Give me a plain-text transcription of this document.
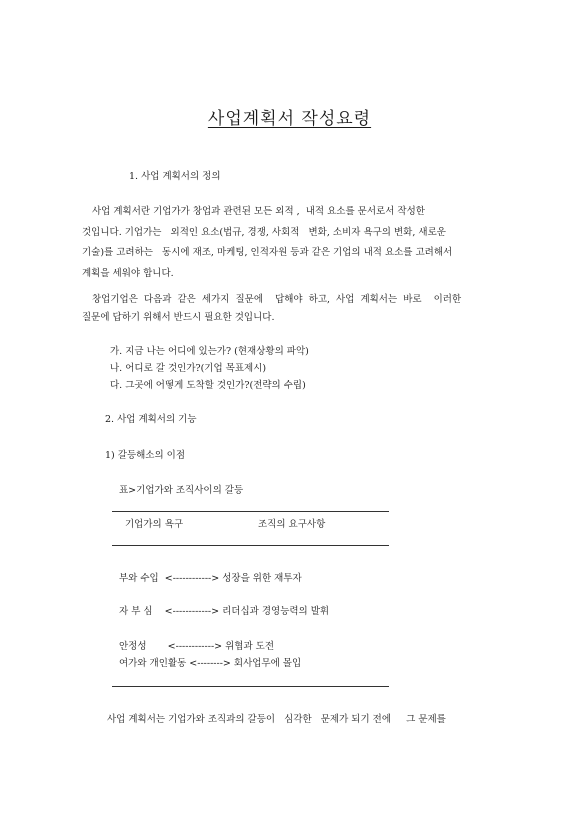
사업계획서 작성요령
1. 사업 계획서의 정의
사업 계획서란 기업가가 창업과 관련된 모든 외적 ,  내적 요소를 문서로서 작성한
것입니다. 기업가는   외적인 요소(법규, 경쟁, 사회적   변화, 소비자 욕구의 변화, 새로운
기술)를 고려하는   동시에 재조, 마케팅, 인적자원 등과 같은 기업의 내적 요소를 고려해서
계획을 세워야 합니다.
창업기업은  다음과  같은  세가지  질문에    답해야  하고,  사업  계획서는  바로    이러한
질문에 답하기 위해서 반드시 필요한 것입니다.
가. 지금 나는 어디에 있는가? (현재상황의 파악)
나. 어디로 갈 것인가?(기업 목표제시)
다. 그곳에 어떻게 도착할 것인가?(전략의 수립)
2. 사업 계획서의 기능
1) 갈등해소의 이점
표>기업가와 조직사이의 갈등
기업가의 욕구	조직의 요구사항
부와 수입  <------------> 성장을 위한 재투자
자 부 심    <------------> 리더십과 경영능력의 발휘
안정성       <------------> 위협과 도전
여가와 개인활동 <--------> 회사업무에 몰입
사업 계획서는 기업가와 조직과의 갈등이   심각한   문제가 되기 전에     그 문제를
